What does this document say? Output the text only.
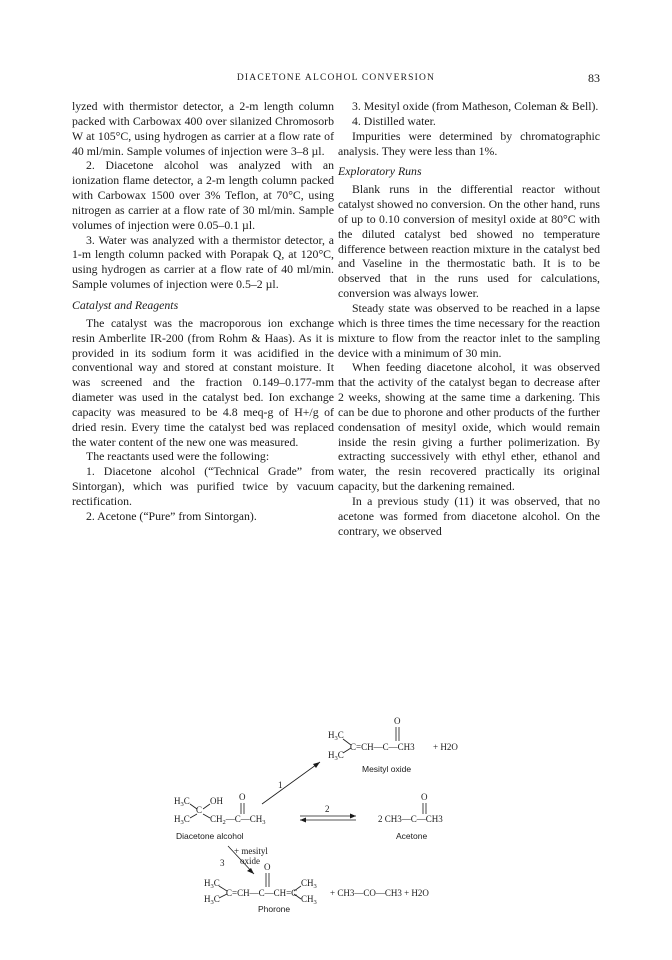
DIACETONE ALCOHOL CONVERSION	83

lyzed with thermistor detector, a 2-m length column packed with Carbowax 400 over silanized Chromosorb W at 105°C, using hydrogen as carrier at a flow rate of 40 ml/min. Sample volumes of injection were 3–8 µl.

2. Diacetone alcohol was analyzed with an ionization flame detector, a 2-m length column packed with Carbowax 1500 over 3% Teflon, at 70°C, using nitrogen as carrier at a flow rate of 30 ml/min. Sample volumes of injection were 0.05–0.1 µl.

3. Water was analyzed with a thermistor detector, a 1-m length column packed with Porapak Q, at 120°C, using hydrogen as carrier at a flow rate of 40 ml/min. Sample volumes of injection were 0.5–2 µl.

Catalyst and Reagents

The catalyst was the macroporous ion exchange resin Amberlite IR-200 (from Rohm & Haas). As it is provided in its sodium form it was acidified in the conventional way and stored at constant moisture. It was screened and the fraction 0.149–0.177-mm diameter was used in the catalyst bed. Ion exchange capacity was measured to be 4.8 meq-g of H+/g of dried resin. Every time the catalyst bed was replaced the water content of the new one was measured.

The reactants used were the following:

1. Diacetone alcohol (“Technical Grade” from Sintorgan), which was purified twice by vacuum rectification.

2. Acetone (“Pure” from Sintorgan).

3. Mesityl oxide (from Matheson, Coleman & Bell).

4. Distilled water.

Impurities were determined by chromatographic analysis. They were less than 1%.

Exploratory Runs

Blank runs in the differential reactor without catalyst showed no conversion. On the other hand, runs of up to 0.10 conversion of mesityl oxide at 80°C with the diluted catalyst bed showed no temperature difference between reaction mixture in the catalyst bed and Vaseline in the thermostatic bath. It is to be observed that in the runs used for calculations, conversion was always lower.

Steady state was observed to be reached in a lapse which is three times the time necessary for the reaction mixture to flow from the reactor inlet to the sampling device with a minimum of 30 min.

When feeding diacetone alcohol, it was observed that the activity of the catalyst began to decrease after 2 weeks, showing at the same time a darkening. This can be due to phorone and other products of the further condensation of mesityl oxide, which would remain inside the resin giving a further polimerization. By extracting successively with ethyl ether, ethanol and water, the resin recovered practically its original capacity, but the darkening remained.

In a previous study (11) it was observed, that no acetone was formed from diacetone alcohol. On the contrary, we observed

$H_3C$
$H_3C$
C=CH—C—CH3
O
+ H2O
Mesityl oxide
1
$H_3C$
C
OH
$H_3C$ $CH_2—C—CH_3$
O
Diacetone alcohol
2
2 CH3—C—CH3
O
Acetone
3
+ mesityl
oxide
$H_3C$
$H_3C$
C=CH—C—CH=C
O
$CH_3$
$CH_3$
+ CH3—CO—CH3 + H2O
Phorone
